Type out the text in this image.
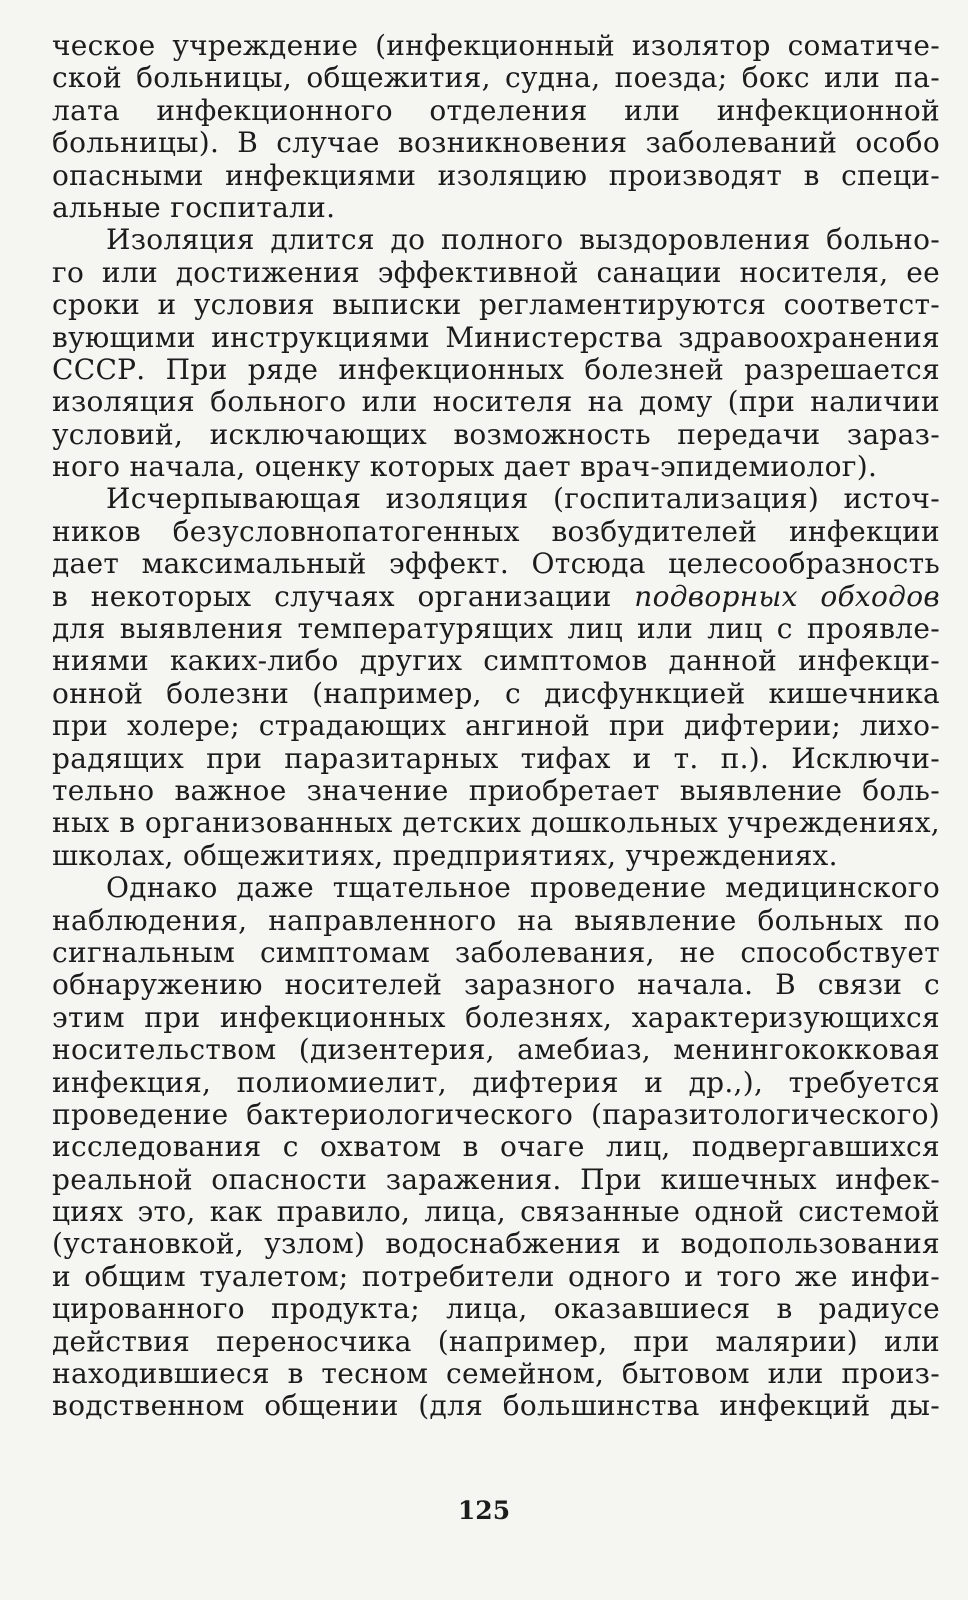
ческое учреждение (инфекционный изолятор соматиче-
ской больницы, общежития, судна, поезда; бокс или па-
лата инфекционного отделения или инфекционной
больницы). В случае возникновения заболеваний особо
опасными инфекциями изоляцию производят в специ-
альные госпитали.
Изоляция длится до полного выздоровления больно-
го или достижения эффективной санации носителя, ее
сроки и условия выписки регламентируются соответст-
вующими инструкциями Министерства здравоохранения
СССР. При ряде инфекционных болезней разрешается
изоляция больного или носителя на дому (при наличии
условий, исключающих возможность передачи зараз-
ного начала, оценку которых дает врач-эпидемиолог).
Исчерпывающая изоляция (госпитализация) источ-
ников безусловнопатогенных возбудителей инфекции
дает максимальный эффект. Отсюда целесообразность
в некоторых случаях организации подворных обходов
для выявления температурящих лиц или лиц с проявле-
ниями каких-либо других симптомов данной инфекци-
онной болезни (например, с дисфункцией кишечника
при холере; страдающих ангиной при дифтерии; лихо-
радящих при паразитарных тифах и т. п.). Исключи-
тельно важное значение приобретает выявление боль-
ных в организованных детских дошкольных учреждениях,
школах, общежитиях, предприятиях, учреждениях.
Однако даже тщательное проведение медицинского
наблюдения, направленного на выявление больных по
сигнальным симптомам заболевания, не способствует
обнаружению носителей заразного начала. В связи с
этим при инфекционных болезнях, характеризующихся
носительством (дизентерия, амебиаз, менингококковая
инфекция, полиомиелит, дифтерия и др.,), требуется
проведение бактериологического (паразитологического)
исследования с охватом в очаге лиц, подвергавшихся
реальной опасности заражения. При кишечных инфек-
циях это, как правило, лица, связанные одной системой
(установкой, узлом) водоснабжения и водопользования
и общим туалетом; потребители одного и того же инфи-
цированного продукта; лица, оказавшиеся в радиусе
действия переносчика (например, при малярии) или
находившиеся в тесном семейном, бытовом или произ-
водственном общении (для большинства инфекций ды-
125
